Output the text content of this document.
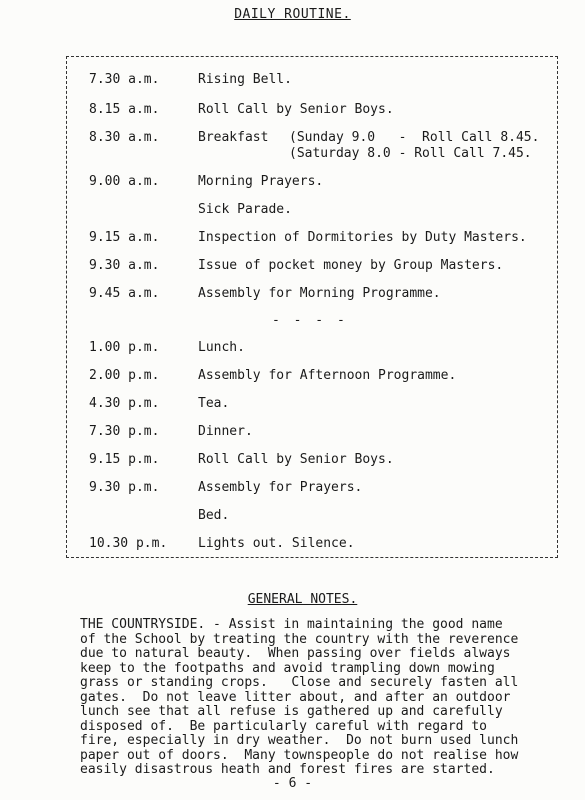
DAILY ROUTINE.
7.30 a.m.	Rising Bell.
8.15 a.m.	Roll Call by Senior Boys.
8.30 a.m.	Breakfast (Sunday 9.0   -  Roll Call 8.45.
(Saturday 8.0 - Roll Call 7.45.
9.00 a.m.	Morning Prayers.
Sick Parade.
9.15 a.m.	Inspection of Dormitories by Duty Masters.
9.30 a.m.	Issue of pocket money by Group Masters.
9.45 a.m.	Assembly for Morning Programme.
- - - -
1.00 p.m.	Lunch.
2.00 p.m.	Assembly for Afternoon Programme.
4.30 p.m.	Tea.
7.30 p.m.	Dinner.
9.15 p.m.	Roll Call by Senior Boys.
9.30 p.m.	Assembly for Prayers.
Bed.
10.30 p.m.	Lights out. Silence.
GENERAL NOTES.
THE COUNTRYSIDE. - Assist in maintaining the good name
of the School by treating the country with the reverence
due to natural beauty.  When passing over fields always
keep to the footpaths and avoid trampling down mowing
grass or standing crops.   Close and securely fasten all
gates.  Do not leave litter about, and after an outdoor
lunch see that all refuse is gathered up and carefully
disposed of.  Be particularly careful with regard to
fire, especially in dry weather.  Do not burn used lunch
paper out of doors.  Many townspeople do not realise how
easily disastrous heath and forest fires are started.
- 6 -
